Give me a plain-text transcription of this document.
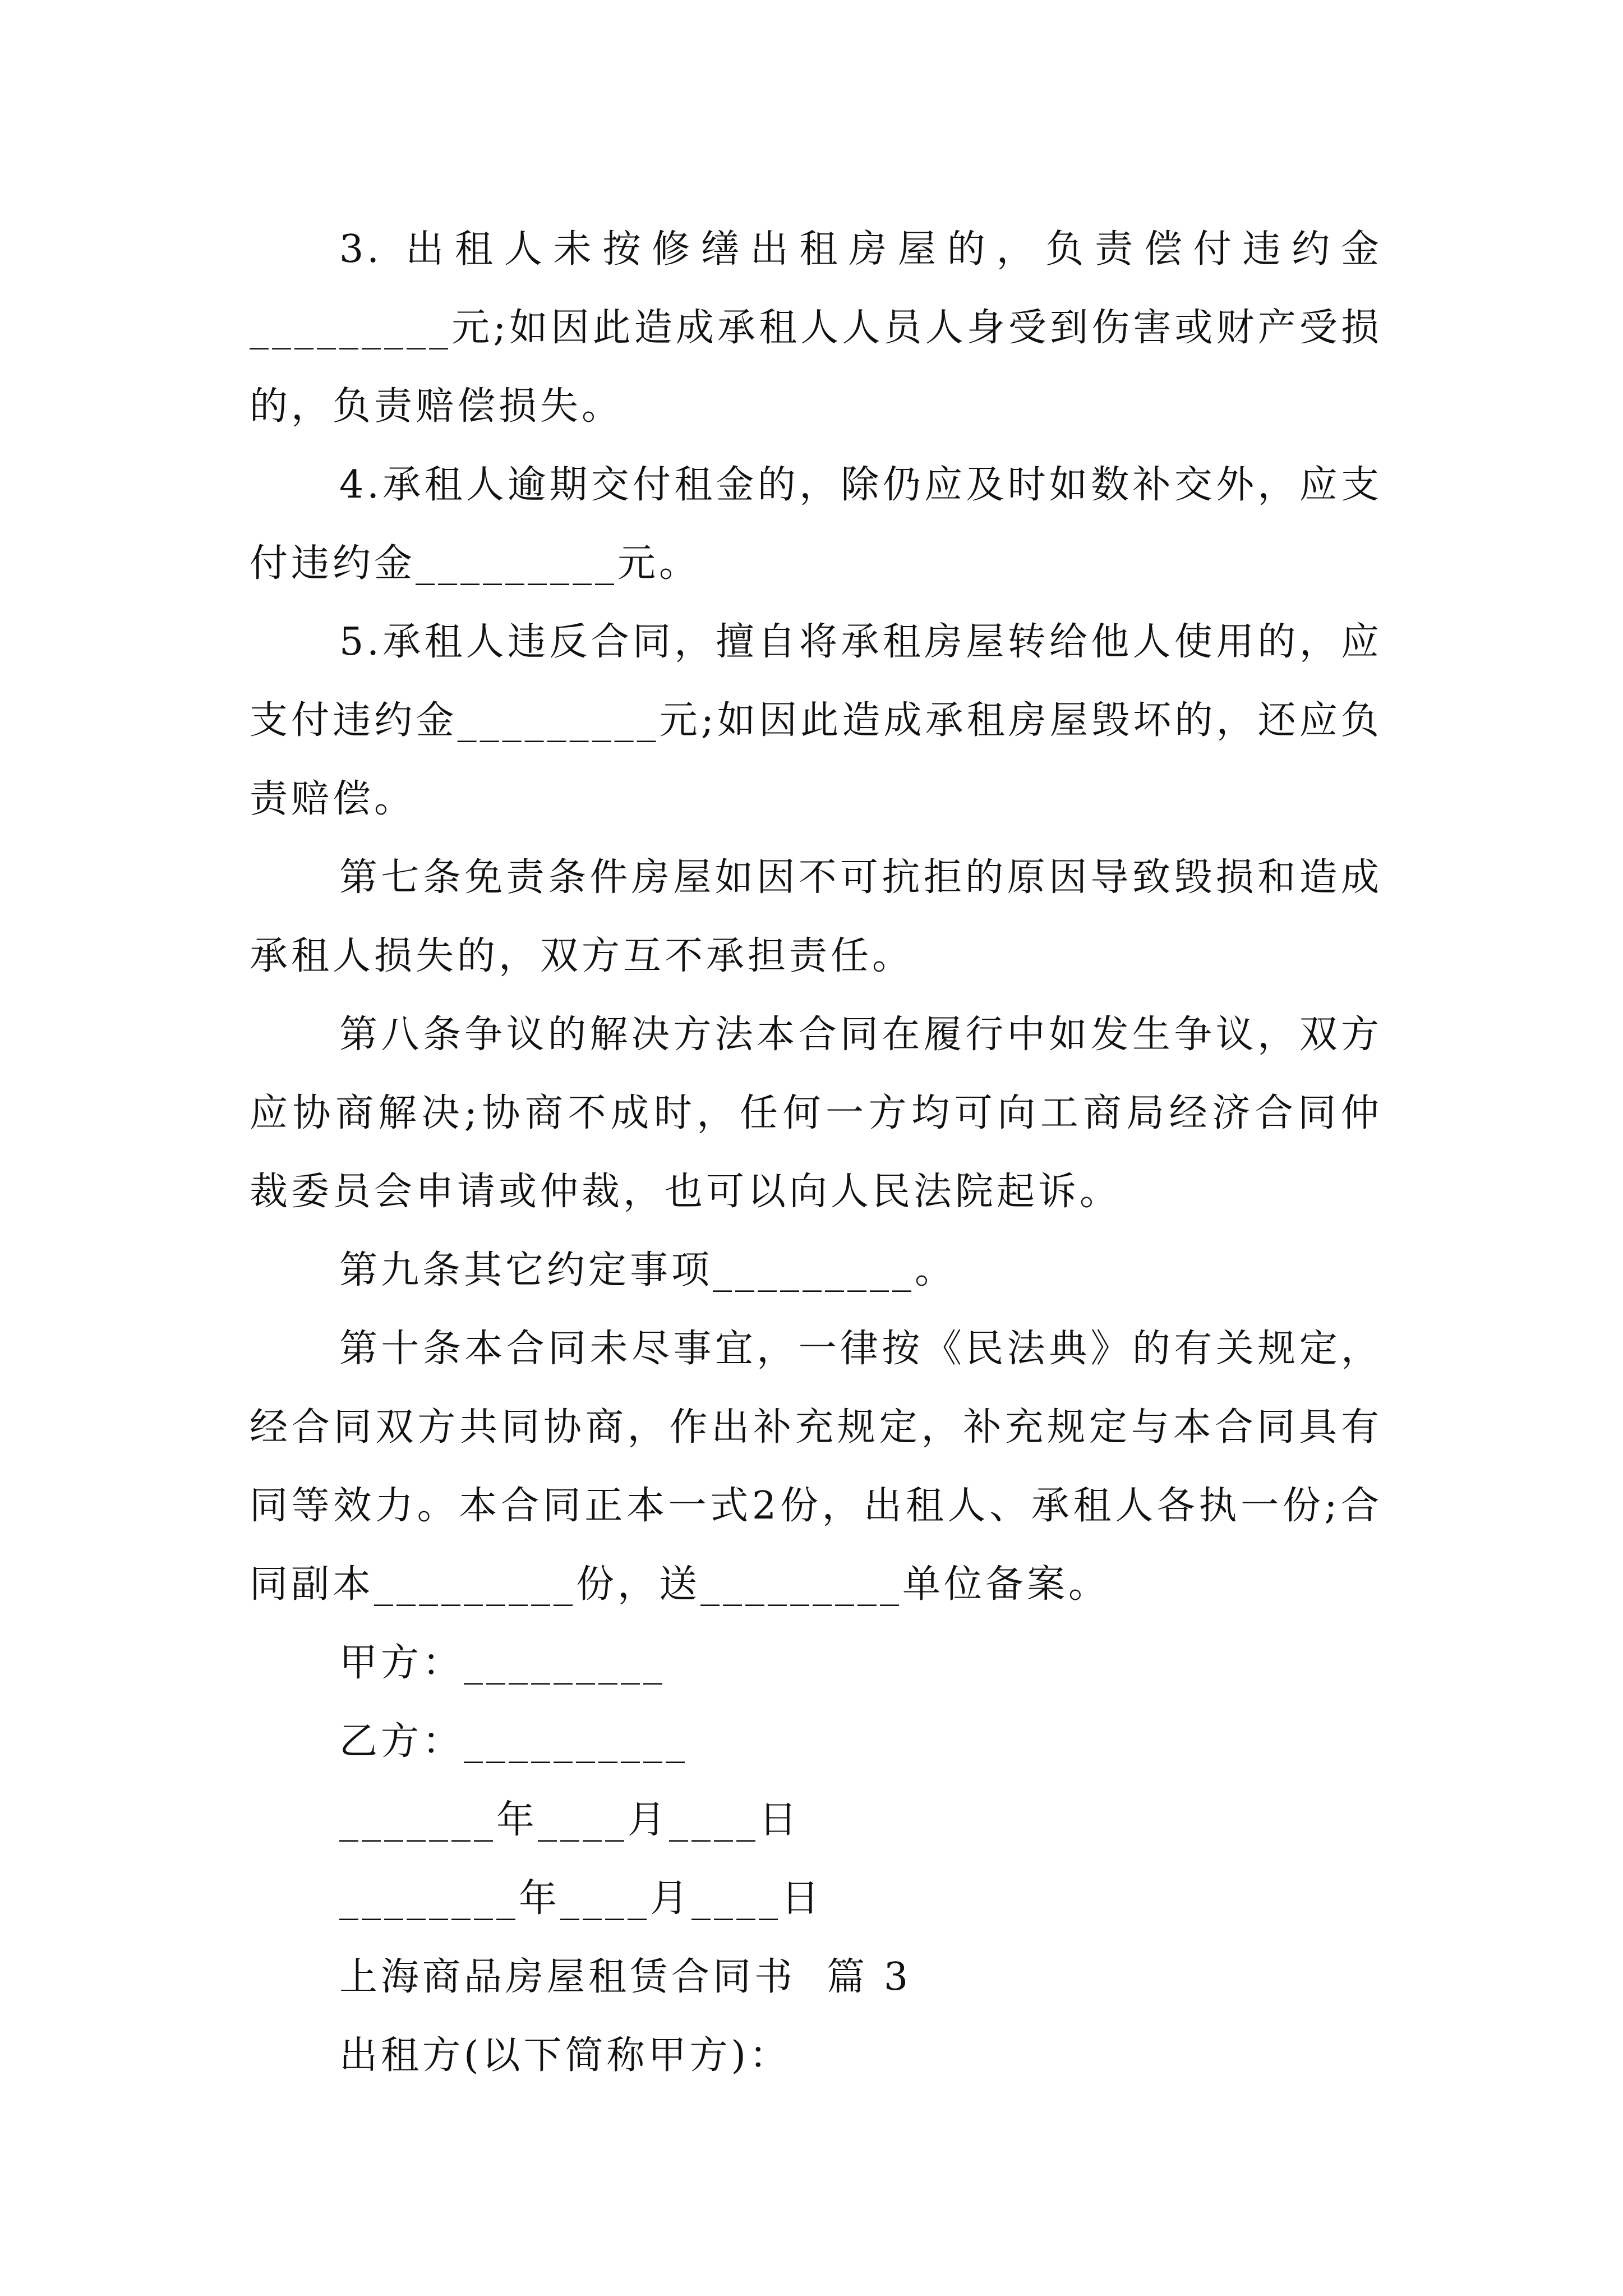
3. 出租人未按修缮出租房屋的，负责偿付违约金_________元;如因此造成承租人人员人身受到伤害或财产受损的，负责赔偿损失。

4.承租人逾期交付租金的，除仍应及时如数补交外，应支付违约金_________元。

5.承租人违反合同，擅自将承租房屋转给他人使用的，应支付违约金_________元;如因此造成承租房屋毁坏的，还应负责赔偿。

第七条免责条件房屋如因不可抗拒的原因导致毁损和造成承租人损失的，双方互不承担责任。

第八条争议的解决方法本合同在履行中如发生争议，双方应协商解决;协商不成时，任何一方均可向工商局经济合同仲裁委员会申请或仲裁，也可以向人民法院起诉。

第九条其它约定事项_________。

第十条本合同未尽事宜，一律按《民法典》的有关规定，经合同双方共同协商，作出补充规定，补充规定与本合同具有同等效力。本合同正本一式2份，出租人、承租人各执一份;合同副本_________份，送_________单位备案。

甲方：_________

乙方：__________

_______年____月____日

________年____月____日

上海商品房屋租赁合同书  篇 3

出租方(以下简称甲方)：
